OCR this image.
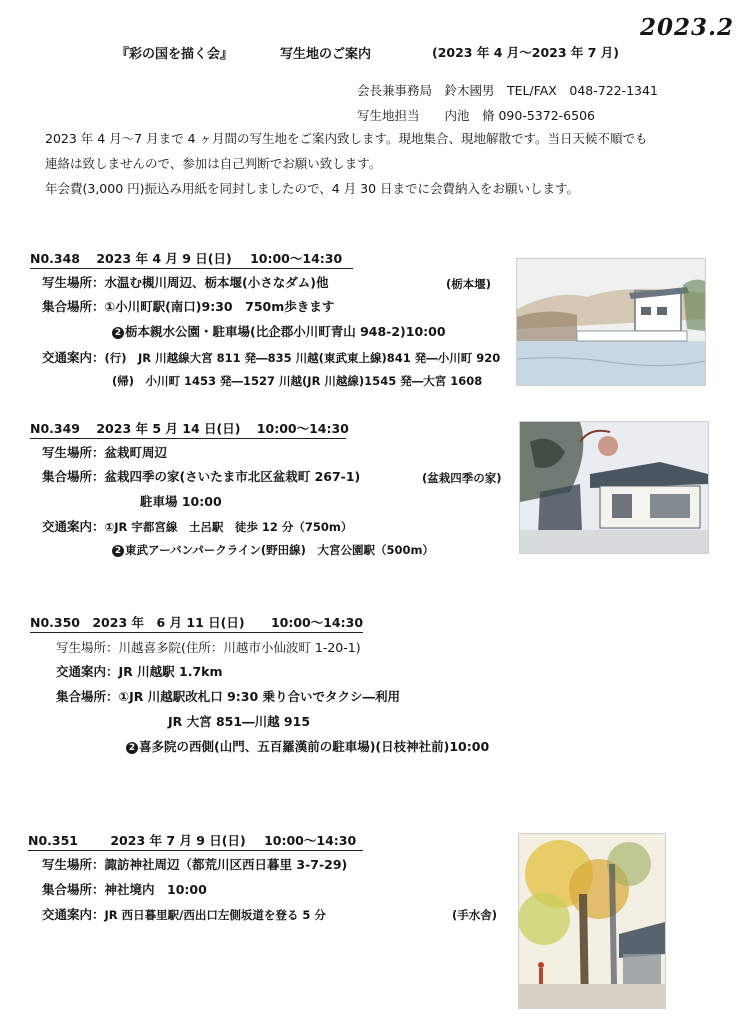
2023.2
『彩の国を描く会』	写生地のご案内	(2023 年 4 月～2023 年 7 月)
会長兼事務局　鈴木國男　TEL/FAX　048-722-1341
写生地担当　　内池　脩 090-5372-6506
2023 年 4 月～7 月まで 4 ヶ月間の写生地をご案内致します。現地集合、現地解散です。当日天候不順でも
連絡は致しませんので、参加は自己判断でお願い致します。
年会費(3,000 円)振込み用紙を同封しましたので、4 月 30 日までに会費納入をお願いします。
N0.348 2023 年 4 月 9 日(日) 10:00～14:30
写生場所：水温む槻川周辺、栃本堰(小さなダム)他	(栃本堰)
集合場所：①小川町駅(南口)9:30　750m歩きます
2 栃本親水公園・駐車場(比企郡小川町青山 948-2)10:00
交通案内：(行)　JR 川越線大宮 811 発―835 川越(東武東上線)841 発―小川町 920
(帰)　小川町 1453 発―1527 川越(JR 川越線)1545 発―大宮 1608
N0.349 2023 年 5 月 14 日(日) 10:00～14:30
写生場所：盆栽町周辺
集合場所：盆栽四季の家(さいたま市北区盆栽町 267-1)	(盆栽四季の家)
駐車場 10:00
交通案内：①JR 宇都宮線　土呂駅　徒歩 12 分（750m）
2 東武アーバンパークライン(野田線)　大宮公園駅（500m）
N0.350 2023 年　6 月 11 日(日) 10:00～14:30
写生場所：川越喜多院(住所：川越市小仙波町 1-20-1)
交通案内：JR 川越駅 1.7km
集合場所：①JR 川越駅改札口 9:30 乗り合いでタクシ―利用
JR 大宮 851―川越 915
2 喜多院の西側(山門、五百羅漢前の駐車場)(日枝神社前)10:00
N0.351	2023 年 7 月 9 日(日) 10:00～14:30
写生場所：諏訪神社周辺（都荒川区西日暮里 3-7-29)
集合場所：神社境内　10:00
交通案内：JR 西日暮里駅/西出口左側坂道を登る 5 分	(手水舎)
